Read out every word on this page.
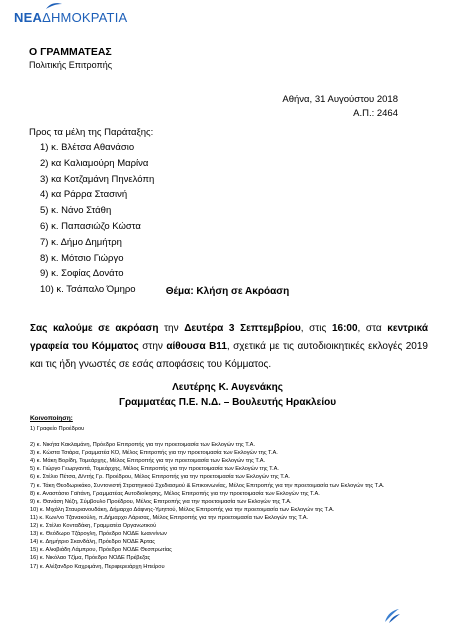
ΝΕΑ ΔΗΜΟΚΡΑΤΙΑ
Ο ΓΡΑΜΜΑΤΕΑΣ
Πολιτικής Επιτροπής
Αθήνα, 31 Αυγούστου 2018
Α.Π.: 2464
Προς τα μέλη της Παράταξης:
1) κ. Βλέτσα Αθανάσιο
2) κα Καλιαμούρη Μαρίνα
3) κα Κοτζαμάνη Πηνελόπη
4) κα Ράρρα Στασινή
5) κ. Νάνο Στάθη
6) κ. Παπασιώζο Κώστα
7) κ. Δήμο Δημήτρη
8) κ. Μότσιο Γιώργο
9) κ. Σοφίας Δονάτο
10) κ. Τσάπαλο Όμηρο	Θέμα: Κλήση σε Ακρόαση
Σας καλούμε σε ακρόαση την Δευτέρα 3 Σεπτεμβρίου, στις 16:00, στα κεντρικά γραφεία του Κόμματος στην αίθουσα Β11, σχετικά με τις αυτοδιοικητικές εκλογές 2019 και τις ήδη γνωστές σε εσάς αποφάσεις του Κόμματος.
Λευτέρης Κ. Αυγενάκης
Γραμματέας Π.Ε. Ν.Δ. – Βουλευτής Ηρακλείου
Κοινοποίηση:
1) Γραφείο Προέδρου
2) κ. Νικήτα Κακλαμάνη, Πρόεδρο Επιτροπής για την προετοιμασία των Εκλογών της Τ.Α.
3) κ. Κώστα Τσιάρα, Γραμματέα ΚΟ, Μέλος Επιτροπής για την προετοιμασία των Εκλογών της Τ.Α.
4) κ. Μάκη Βορίδη, Τομεάρχης, Μέλος Επιτροπής για την προετοιμασία των Εκλογών της Τ.Α.
5) κ. Γιώργο Γεωργαντά, Τομεάρχης, Μέλος Επιτροπής για την προετοιμασία των Εκλογών της Τ.Α.
6) κ. Στέλιο Πέτσα, Δ/ντής Γρ. Προέδρου, Μέλος Επιτροπής για την προετοιμασία των Εκλογών της Τ.Α.
7) κ. Τάκη Θεοδωρικάκο, Συντονιστή Στρατηγικού Σχεδιασμού & Επικοινωνίας, Μέλος Επιτροπής για την προετοιμασία των Εκλογών της Τ.Α.
8) κ. Αναστάσιο Γαϊτάνη, Γραμματέας Αυτοδιοίκησης, Μέλος Επιτροπής για την προετοιμασία των Εκλογών της Τ.Α.
9) κ. Θανάση Νέζη, Σύμβουλο Προέδρου, Μέλος Επιτροπής για την προετοιμασία των Εκλογών της Τ.Α.
10) κ. Μιχάλη Σταυριανουδάκη, Δήμαρχο Δάφνης-Υμηττού, Μέλος Επιτροπής για την προετοιμασία των Εκλογών της Τ.Α.
11) κ. Κων/νο Τζανακούλη, π.Δήμαρχο Λάρισας, Μέλος Επιτροπής για την προετοιμασία των Εκλογών της Τ.Α.
12) κ. Στέλιο Κονταδάκη, Γραμματέα Οργανωτικού
13) κ. Θεόδωρο Τζάρογλη, Πρόεδρο ΝΟΔΕ Ιωαννίνων
14) κ. Δημήτριο Σκανδάλη, Πρόεδρο ΝΟΔΕ Άρτας
15) κ. Αλκιβιάδη Λάμπρου, Πρόεδρο ΝΟΔΕ Θεσπρωτίας
16) κ. Νικόλαο Τζίμα, Πρόεδρο ΝΟΔΕ Πρέβεζας
17) κ. Αλέξανδρο Καχριμάνη, Περιφερειάρχη Ηπείρου
